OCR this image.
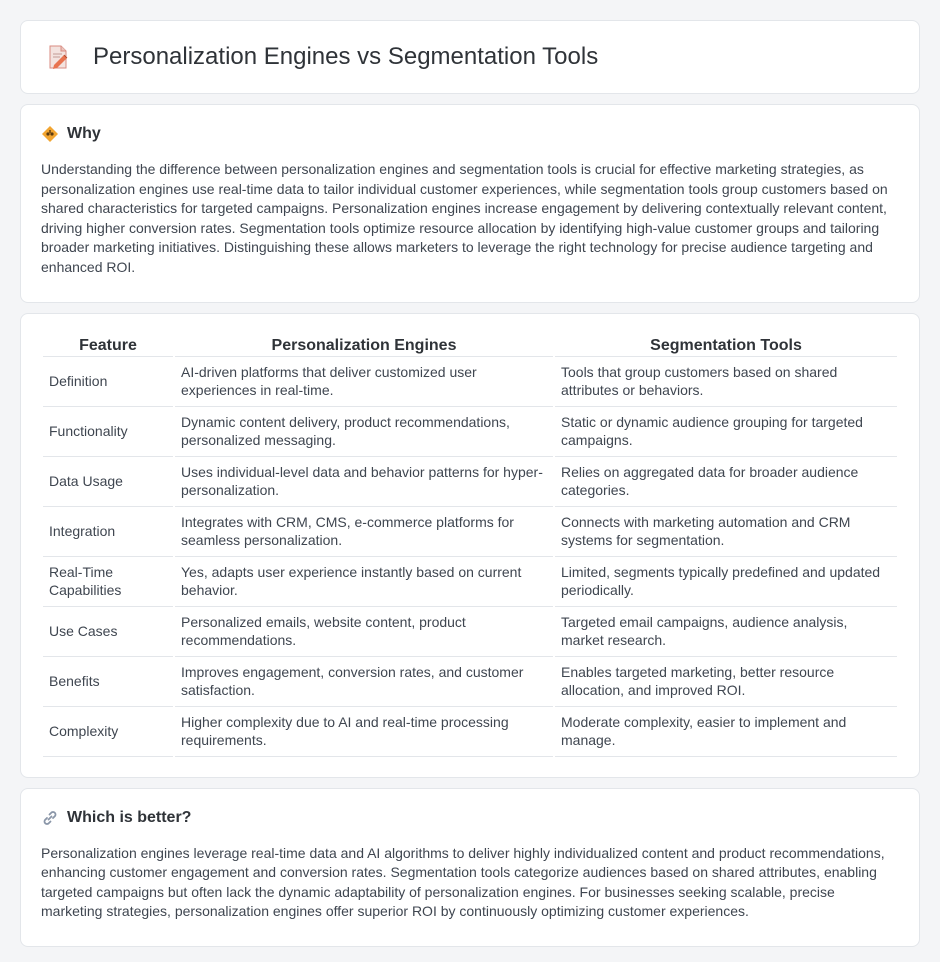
Personalization Engines vs Segmentation Tools
Why

Understanding the difference between personalization engines and segmentation tools is crucial for effective marketing strategies, as personalization engines use real-time data to tailor individual customer experiences, while segmentation tools group customers based on shared characteristics for targeted campaigns. Personalization engines increase engagement by delivering contextually relevant content, driving higher conversion rates. Segmentation tools optimize resource allocation by identifying high-value customer groups and tailoring broader marketing initiatives. Distinguishing these allows marketers to leverage the right technology for precise audience targeting and enhanced ROI.

Feature	Personalization Engines	Segmentation Tools
Definition	AI-driven platforms that deliver customized user experiences in real-time.	Tools that group customers based on shared attributes or behaviors.
Functionality	Dynamic content delivery, product recommendations, personalized messaging.	Static or dynamic audience grouping for targeted campaigns.
Data Usage	Uses individual-level data and behavior patterns for hyper-personalization.	Relies on aggregated data for broader audience categories.
Integration	Integrates with CRM, CMS, e-commerce platforms for seamless personalization.	Connects with marketing automation and CRM systems for segmentation.
Real-Time Capabilities	Yes, adapts user experience instantly based on current behavior.	Limited, segments typically predefined and updated periodically.
Use Cases	Personalized emails, website content, product recommendations.	Targeted email campaigns, audience analysis, market research.
Benefits	Improves engagement, conversion rates, and customer satisfaction.	Enables targeted marketing, better resource allocation, and improved ROI.
Complexity	Higher complexity due to AI and real-time processing requirements.	Moderate complexity, easier to implement and manage.
Which is better?

Personalization engines leverage real-time data and AI algorithms to deliver highly individualized content and product recommendations, enhancing customer engagement and conversion rates. Segmentation tools categorize audiences based on shared attributes, enabling targeted campaigns but often lack the dynamic adaptability of personalization engines. For businesses seeking scalable, precise marketing strategies, personalization engines offer superior ROI by continuously optimizing customer experiences.
